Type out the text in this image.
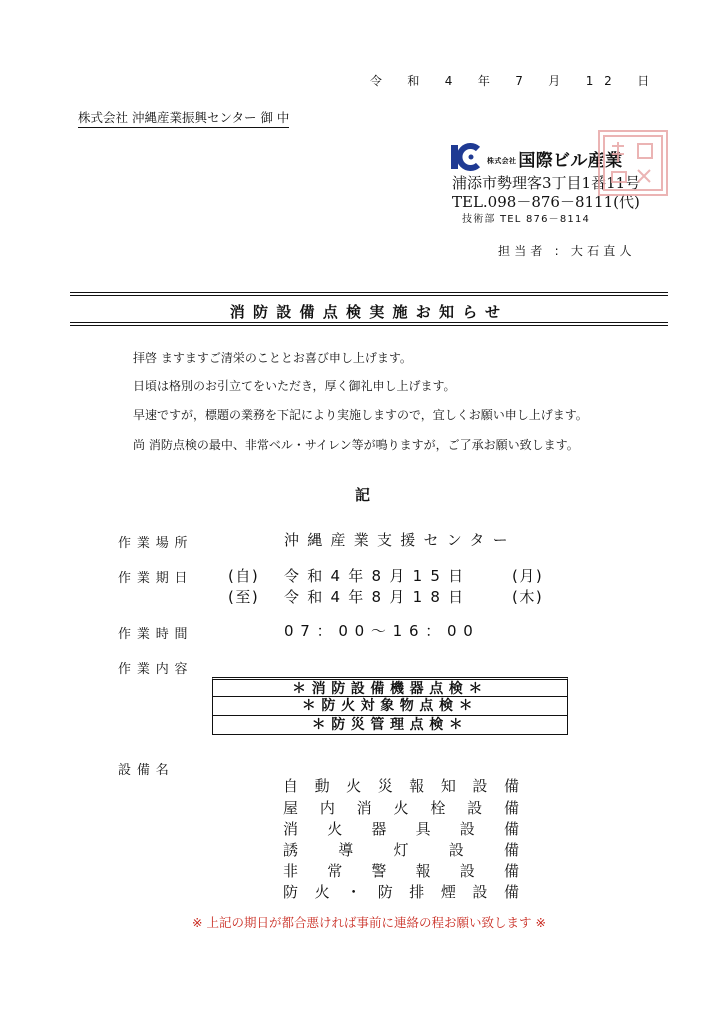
令 和 4 年 7 月 12 日
株式会社 沖縄産業振興センター 御 中
株式会社 国際ビル産業
浦添市勢理客3丁目1番11号
TEL.098－876－8111(代)
技術部 TEL 876－8114
担当者 : 大石直人
消防設備点検実施お知らせ
拝啓 ますますご清栄のこととお喜び申し上げます。
日頃は格別のお引立てをいただき，厚く御礼申し上げます。
早速ですが，標題の業務を下記により実施しますので，宜しくお願い申し上げます。
尚 消防点検の最中、非常ベル・サイレン等が鳴りますが，ご了承お願い致します。
記
作業場所	沖縄産業支援センター
作業期日 (自) 令和4年8月15日	(月)
(至) 令和4年8月18日	(木)
作業時間	07：00～16：00
作業内容
＊消防設備機器点検＊
＊防火対象物点検＊
＊防災管理点検＊
設備名
自動火災報知設備
屋内消火栓設備
消火器具設備
誘導灯設備
非常警報設備
防火・防排煙設備
※ 上記の期日が都合悪ければ事前に連絡の程お願い致します ※
